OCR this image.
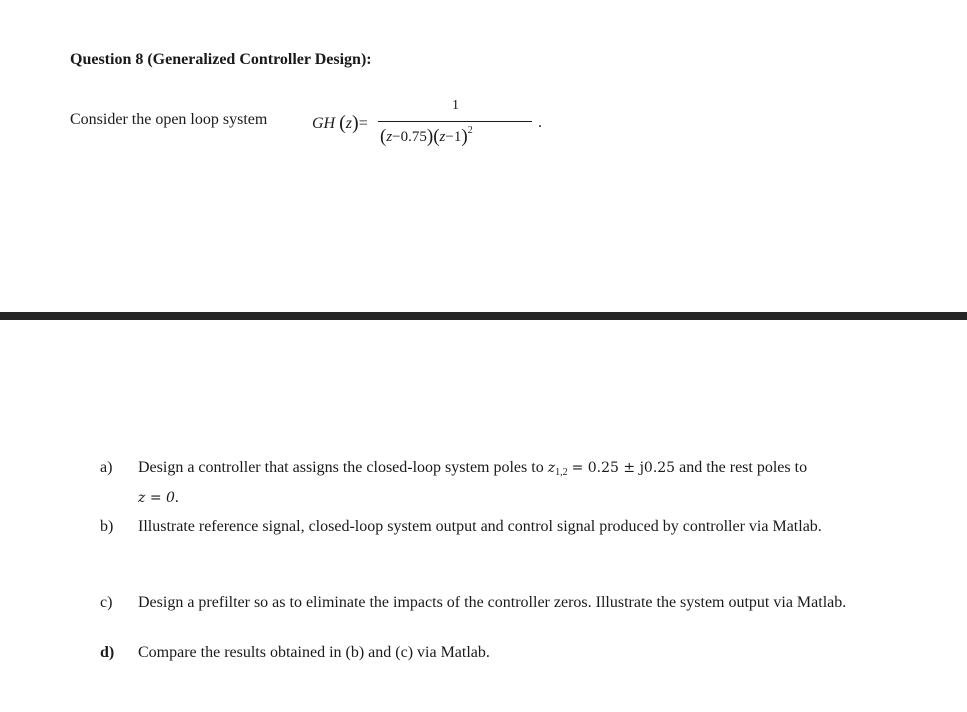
Question 8 (Generalized Controller Design):
Consider the open loop system	GH (z)=
1
$(z-0.75)(z-1)^2$	.
a)	Design a controller that assigns the closed-loop system poles to $z_{1,2} = 0.25 \pm j0.25$ and the rest poles to
z = 0.
b)	Illustrate reference signal, closed-loop system output and control signal produced by controller via Matlab.
c)	Design a prefilter so as to eliminate the impacts of the controller zeros. Illustrate the system output via Matlab.
d)	Compare the results obtained in (b) and (c) via Matlab.
